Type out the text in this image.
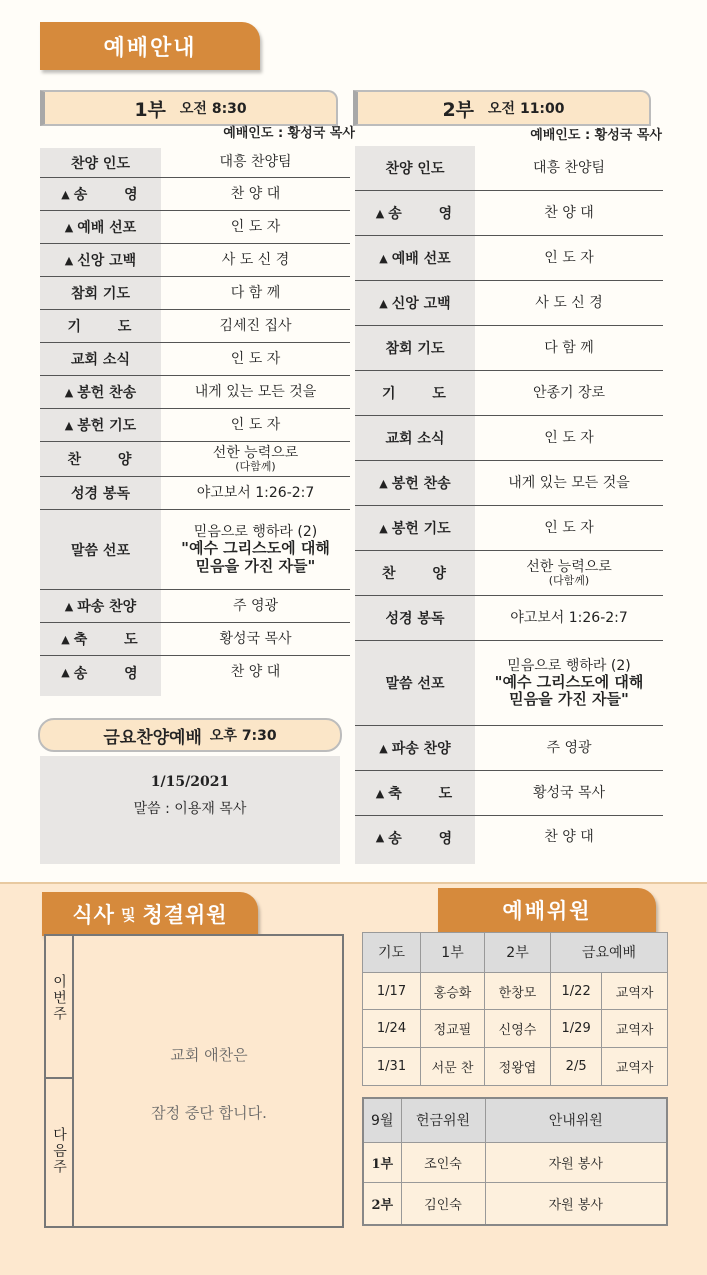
예배안내
1부 오전 8:30
예배인도 : 황성국 목사
2부 오전 11:00
예배인도 : 황성국 목사
찬양 인도	대흥 찬양팀
▲ 송 영	찬 양 대
▲ 예배 선포	인 도 자
▲ 신앙 고백	사 도 신 경
참회 기도	다 함 께
기 도	김세진 집사
교회 소식	인 도 자
▲ 봉헌 찬송	내게 있는 모든 것을
▲ 봉헌 기도	인 도 자
찬 양	선한 능력으로
(다함께)
성경 봉독	야고보서 1:26-2:7
말씀 선포
믿음으로 행하라 (2)
"예수 그리스도에 대해
믿음을 가진 자들"
▲ 파송 찬양	주 영광
▲ 축 도	황성국 목사
▲ 송 영	찬 양 대
찬양 인도	대흥 찬양팀
▲ 송 영	찬 양 대
▲ 예배 선포	인 도 자
▲ 신앙 고백	사 도 신 경
참회 기도	다 함 께
기 도	안종기 장로
교회 소식	인 도 자
▲ 봉헌 찬송	내게 있는 모든 것을
▲ 봉헌 기도	인 도 자
찬 양	선한 능력으로
(다함께)
성경 봉독	야고보서 1:26-2:7
말씀 선포
믿음으로 행하라 (2)
"예수 그리스도에 대해
믿음을 가진 자들"
▲ 파송 찬양	주 영광
▲ 축 도	황성국 목사
▲ 송 영	찬 양 대
금요찬양예배 오후 7:30
1/15/2021
말씀 : 이용재 목사
식사 및 청결위원
이번주
다음주
교회 애찬은
잠정 중단 합니다.
예배위원
기도	1부	2부	금요예배	
1/17	홍승화	한창모	1/22	교역자
1/24	정교필	신영수	1/29	교역자
1/31	서문 찬	정왕엽	2/5	교역자
9월	헌금위원	안내위원
1부	조인숙	자원 봉사
2부	김인숙	자원 봉사
